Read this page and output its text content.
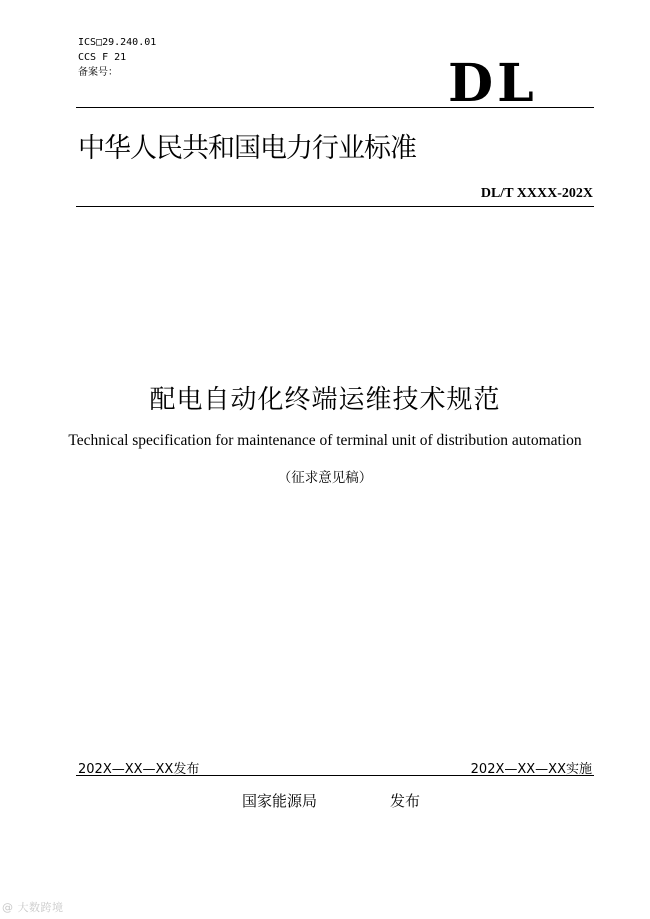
ICS□29.240.01
CCS F 21
备案号：	DL
中华人民共和国电力行业标准
DL/T XXXX-202X
配电自动化终端运维技术规范
Technical specification for maintenance of terminal unit of distribution automation
（征求意见稿）
202X—XX—XX发布	202X—XX—XX实施
国家能源局	发布
@ 大数跨境
